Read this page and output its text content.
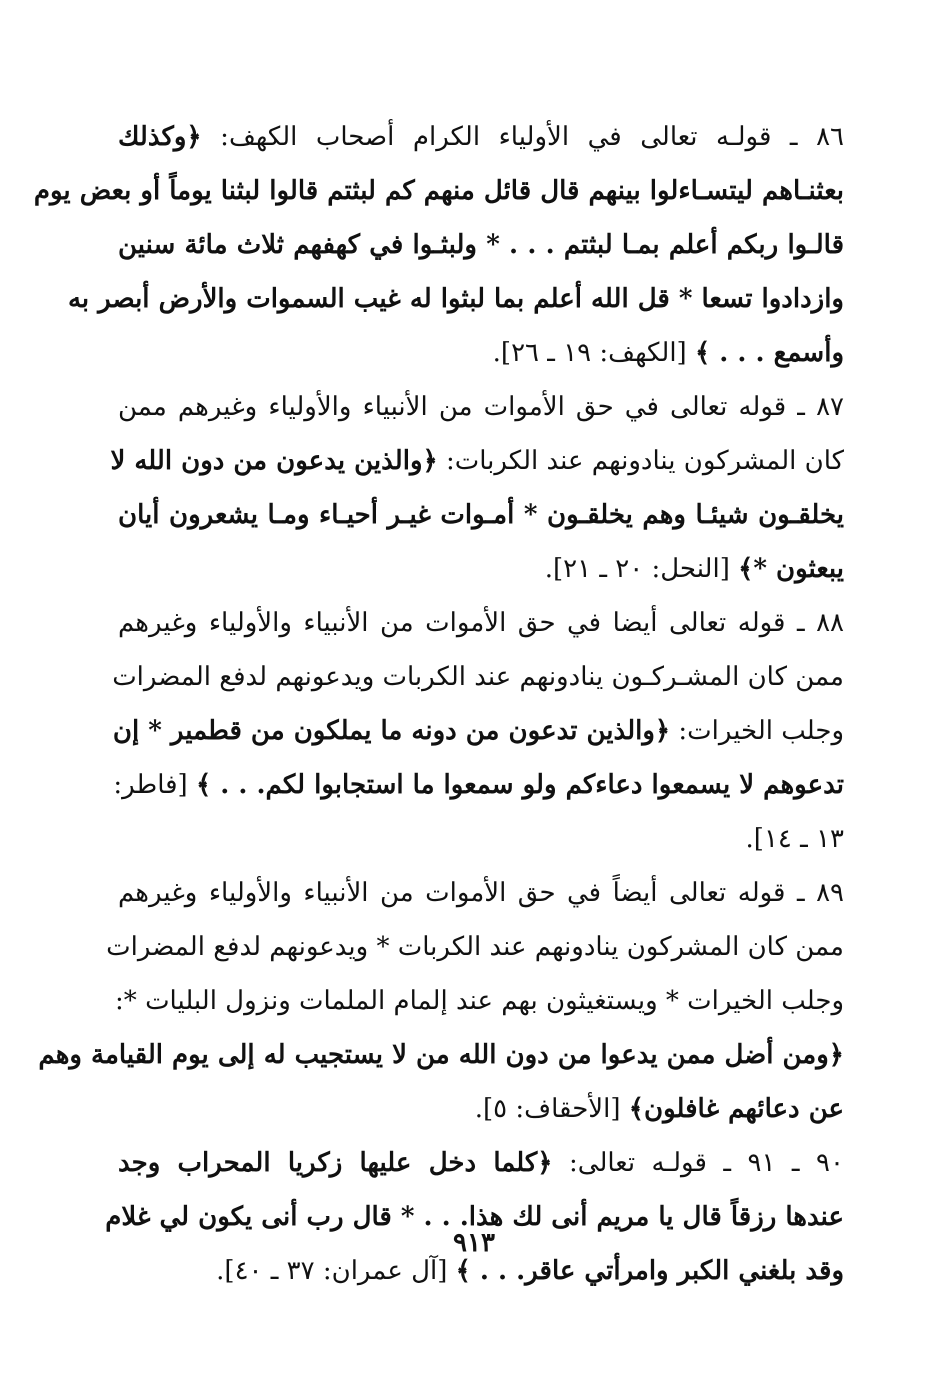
٨٦ ـ قولـه تعالى في الأولياء الكرام أصحاب الكهف: ﴿وكذلك
بعثنـاهم ليتسـاءلوا بينهم قال قائل منهم كم لبثتم قالوا لبثنا يوماً أو بعض يوم
قالـوا ربكم أعلم بمـا لبثتم . . . * ولبثـوا في كهفهم ثلاث مائة سنين
وازدادوا تسعا * قل الله أعلم بما لبثوا له غيب السموات والأرض أبصر به
وأسمع . . . ﴾ [الكهف: ١٩ ـ ٢٦].
٨٧ ـ قوله تعالى في حق الأموات من الأنبياء والأولياء وغيرهم ممن
كان المشركون ينادونهم عند الكربات: ﴿والذين يدعون من دون الله لا
يخلقـون شيئـا وهم يخلقـون * أمـوات غيـر أحيـاء ومـا يشعرون أيان
يبعثون *﴾ [النحل: ٢٠ ـ ٢١].
٨٨ ـ قوله تعالى أيضا في حق الأموات من الأنبياء والأولياء وغيرهم
ممن كان المشـركـون ينادونهم عند الكربات ويدعونهم لدفع المضرات
وجلب الخيرات: ﴿والذين تدعون من دونه ما يملكون من قطمير * إن
تدعوهم لا يسمعوا دعاءكم ولو سمعوا ما استجابوا لكم. . . ﴾ [فاطر:
١٣ ـ ١٤].
٨٩ ـ قوله تعالى أيضاً في حق الأموات من الأنبياء والأولياء وغيرهم
ممن كان المشركون ينادونهم عند الكربات * ويدعونهم لدفع المضرات
وجلب الخيرات * ويستغيثون بهم عند إلمام الملمات ونزول البليات *:
﴿ومن أضل ممن يدعوا من دون الله من لا يستجيب له إلى يوم القيامة وهم
عن دعائهم غافلون﴾ [الأحقاف: ٥].
٩٠ ـ ٩١ ـ قولـه تعالى: ﴿كلما دخل عليها زكريا المحراب وجد
عندها رزقاً قال يا مريم أنى لك هذا. . . * قال رب أنى يكون لي غلام
وقد بلغني الكبر وامرأتي عاقر. . . ﴾ [آل عمران: ٣٧ ـ ٤٠].
٩١٣
